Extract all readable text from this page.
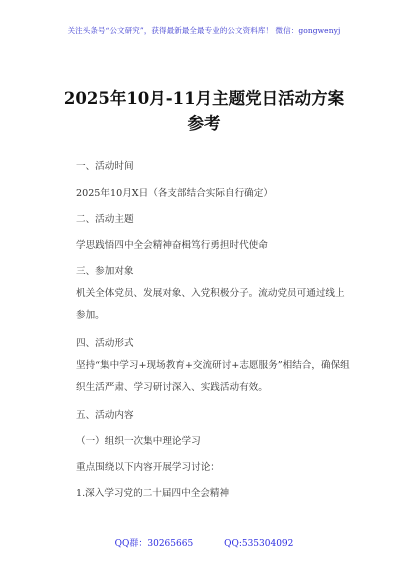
关注头条号“公文研究”，获得最新最全最专业的公文资料库！ 微信：gongwenyj
2025年10月-11月主题党日活动方案
参考
一、活动时间
2025年10月X日（各支部结合实际自行确定）
二、活动主题
学思践悟四中全会精神奋楫笃行勇担时代使命
三、参加对象
机关全体党员、发展对象、入党积极分子。流动党员可通过线上参加。
四、活动形式
坚持“集中学习+现场教育+交流研讨+志愿服务”相结合，确保组织生活严肃、学习研讨深入、实践活动有效。
五、活动内容
（一）组织一次集中理论学习
重点围绕以下内容开展学习讨论：
1.深入学习党的二十届四中全会精神
QQ群：30265665	QQ:535304092
